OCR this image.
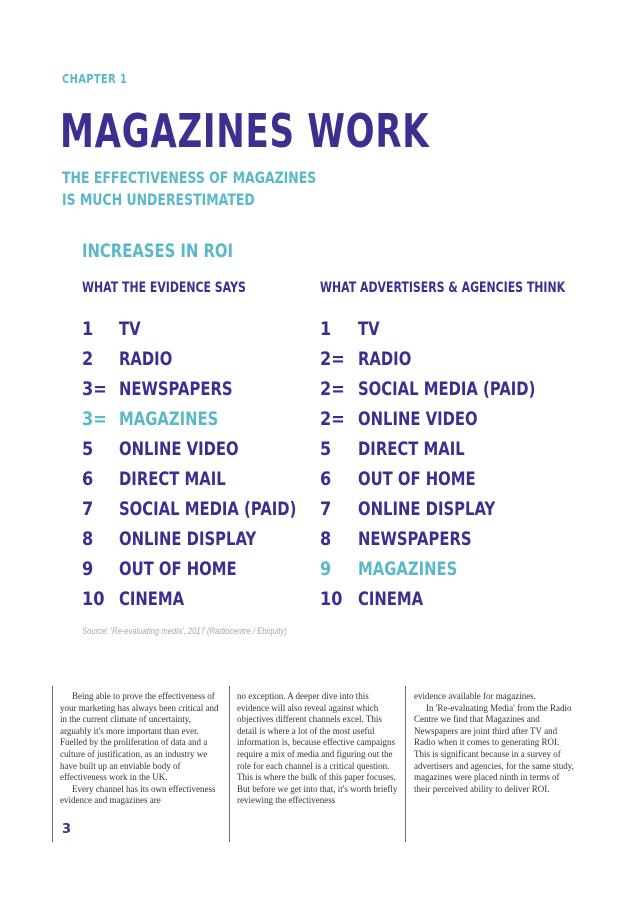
CHAPTER 1
MAGAZINES WORK
THE EFFECTIVENESS OF MAGAZINES
IS MUCH UNDERESTIMATED
INCREASES IN ROI
WHAT THE EVIDENCE SAYS	WHAT ADVERTISERS & AGENCIES THINK
1 TV
2 RADIO
3= NEWSPAPERS
3= MAGAZINES
5 ONLINE VIDEO
6 DIRECT MAIL
7 SOCIAL MEDIA (PAID)
8 ONLINE DISPLAY
9 OUT OF HOME
10 CINEMA
1 TV
2= RADIO
2= SOCIAL MEDIA (PAID)
2= ONLINE VIDEO
5 DIRECT MAIL
6 OUT OF HOME
7 ONLINE DISPLAY
8 NEWSPAPERS
9 MAGAZINES
10 CINEMA
Source: 'Re-evaluating media', 2017 (Radiocentre / Ebiquity)

Being able to prove the effectiveness of your marketing has always been critical and in the current climate of uncertainty, arguably it's more important than ever. Fuelled by the proliferation of data and a culture of justification, as an industry we have built up an enviable body of effectiveness work in the UK.

Every channel has its own effectiveness evidence and magazines are

no exception. A deeper dive into this evidence will also reveal against which objectives different channels excel. This detail is where a lot of the most useful information is, because effective campaigns require a mix of media and figuring out the role for each channel is a critical question. This is where the bulk of this paper focuses. But before we get into that, it's worth briefly reviewing the effectiveness

evidence available for magazines.

In 'Re-evaluating Media' from the Radio Centre we find that Magazines and Newspapers are joint third after TV and Radio when it comes to generating ROI. This is significant because in a survey of advertisers and agencies, for the same study, magazines were placed ninth in terms of their perceived ability to deliver ROI.

3
